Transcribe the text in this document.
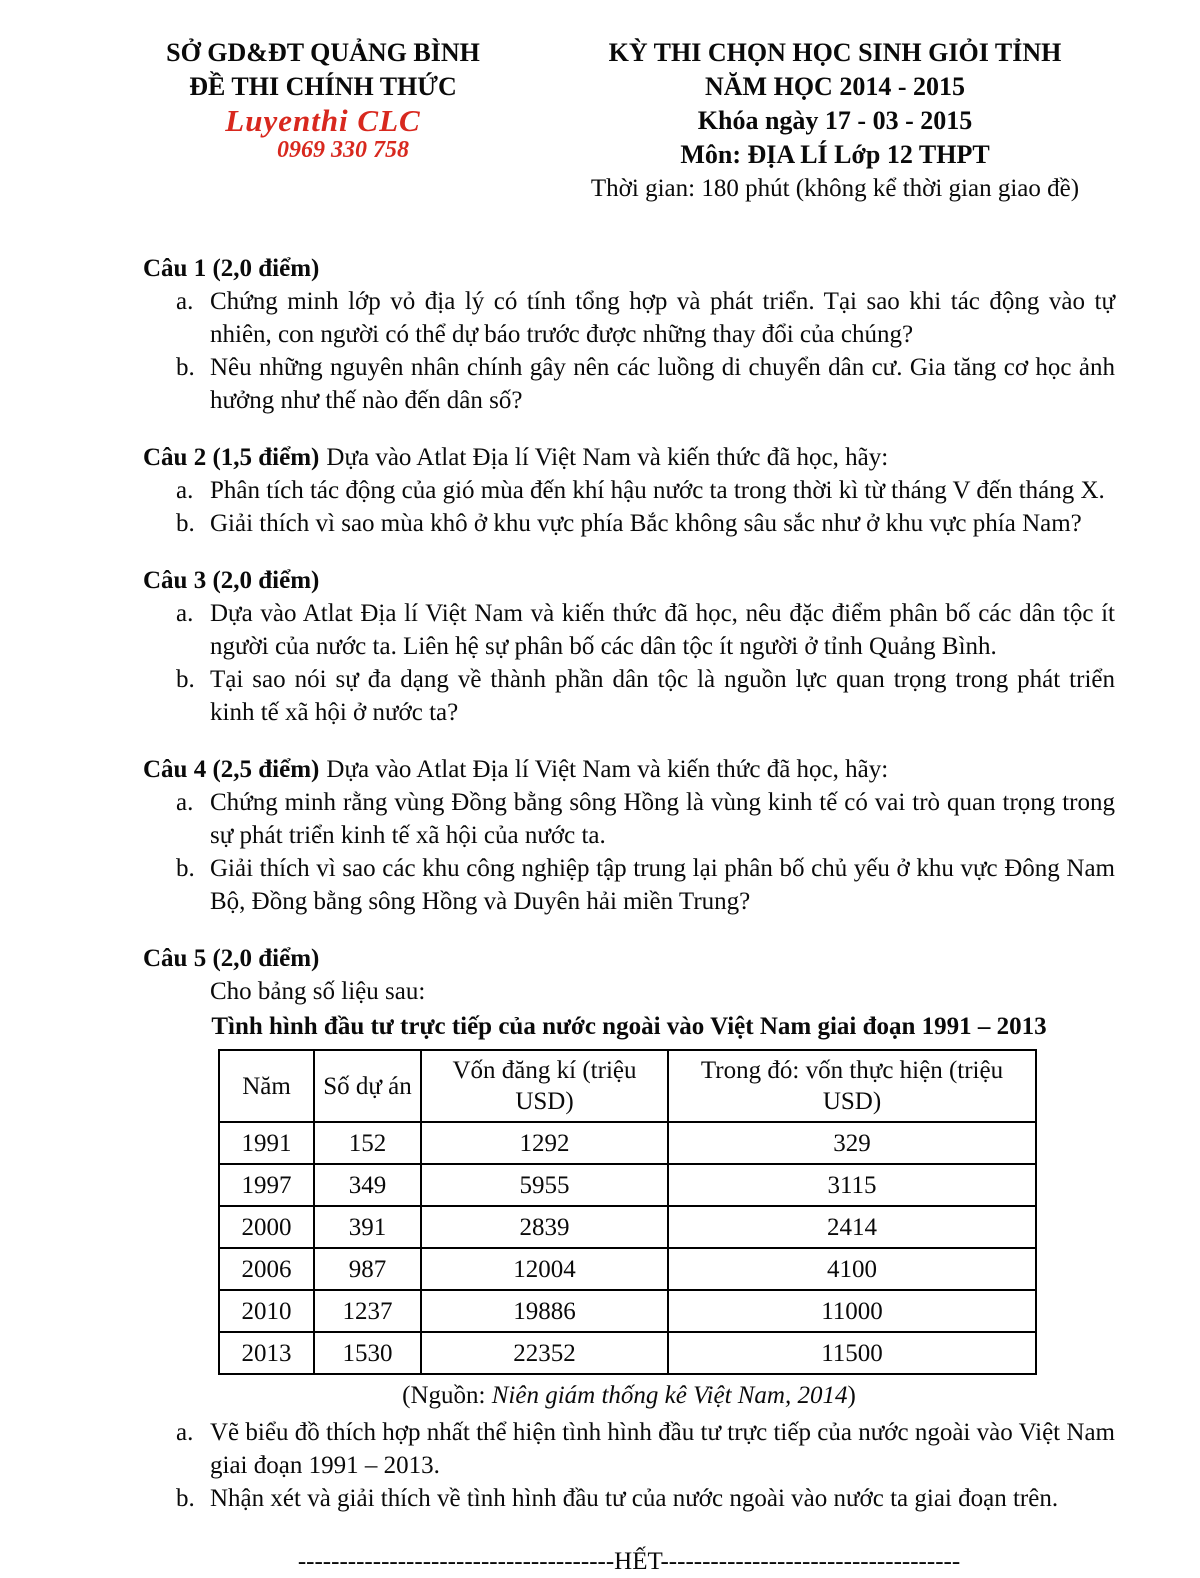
SỞ GD&ĐT QUẢNG BÌNH
ĐỀ THI CHÍNH THỨC
Luyenthi CLC
0969 330 758
KỲ THI CHỌN HỌC SINH GIỎI TỈNH
NĂM HỌC 2014 - 2015
Khóa ngày 17 - 03 - 2015
Môn: ĐỊA LÍ Lớp 12 THPT
Thời gian: 180 phút (không kể thời gian giao đề)

Câu 1 (2,0 điểm)

a. Chứng minh lớp vỏ địa lý có tính tổng hợp và phát triển. Tại sao khi tác động vào tự nhiên, con người có thể dự báo trước được những thay đổi của chúng?
b. Nêu những nguyên nhân chính gây nên các luồng di chuyển dân cư. Gia tăng cơ học ảnh hưởng như thế nào đến dân số?

Câu 2 (1,5 điểm) Dựa vào Atlat Địa lí Việt Nam và kiến thức đã học, hãy:

a. Phân tích tác động của gió mùa đến khí hậu nước ta trong thời kì từ tháng V đến tháng X.
b. Giải thích vì sao mùa khô ở khu vực phía Bắc không sâu sắc như ở khu vực phía Nam?

Câu 3 (2,0 điểm)

a. Dựa vào Atlat Địa lí Việt Nam và kiến thức đã học, nêu đặc điểm phân bố các dân tộc ít người của nước ta. Liên hệ sự phân bố các dân tộc ít người ở tỉnh Quảng Bình.
b. Tại sao nói sự đa dạng về thành phần dân tộc là nguồn lực quan trọng trong phát triển kinh tế xã hội ở nước ta?

Câu 4 (2,5 điểm) Dựa vào Atlat Địa lí Việt Nam và kiến thức đã học, hãy:

a. Chứng minh rằng vùng Đồng bằng sông Hồng là vùng kinh tế có vai trò quan trọng trong sự phát triển kinh tế xã hội của nước ta.
b. Giải thích vì sao các khu công nghiệp tập trung lại phân bố chủ yếu ở khu vực Đông Nam Bộ, Đồng bằng sông Hồng và Duyên hải miền Trung?

Câu 5 (2,0 điểm)

Cho bảng số liệu sau:

Tình hình đầu tư trực tiếp của nước ngoài vào Việt Nam giai đoạn 1991 – 2013

Năm	Số dự án	Vốn đăng kí (triệu USD)	Trong đó: vốn thực hiện (triệu USD)
1991	152	1292	329
1997	349	5955	3115
2000	391	2839	2414
2006	987	12004	4100
2010	1237	19886	11000
2013	1530	22352	11500

(Nguồn: Niên giám thống kê Việt Nam, 2014)

a. Vẽ biểu đồ thích hợp nhất thể hiện tình hình đầu tư trực tiếp của nước ngoài vào Việt Nam giai đoạn 1991 – 2013.
b. Nhận xét và giải thích về tình hình đầu tư của nước ngoài vào nước ta giai đoạn trên.

--------------------------------------HẾT------------------------------------
